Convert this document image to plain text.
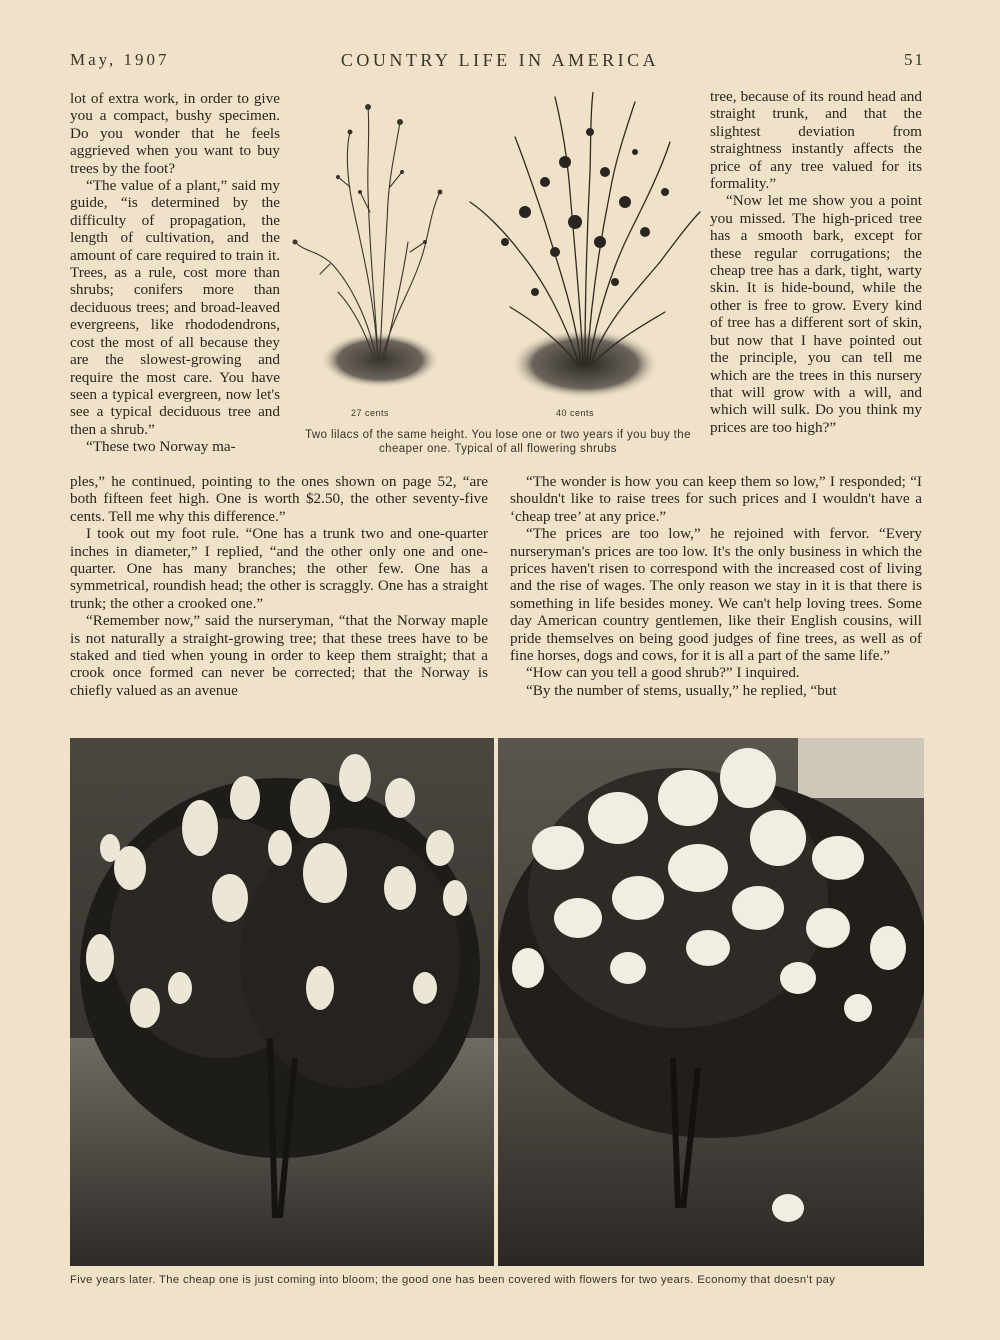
May, 1907	COUNTRY LIFE IN AMERICA	51

lot of extra work, in order to give you a compact, bushy specimen. Do you wonder that he feels aggrieved when you want to buy trees by the foot?

“The value of a plant,” said my guide, “is determined by the difficulty of propagation, the length of cultivation, and the amount of care required to train it. Trees, as a rule, cost more than shrubs; conifers more than deciduous trees; and broad-leaved evergreens, like rhododendrons, cost the most of all because they are the slowest-growing and require the most care. You have seen a typical evergreen, now let's see a typical deciduous tree and then a shrub.”

“These two Norway ma-

27 cents	40 cents
Two lilacs of the same height. You lose one or two years if you buy the cheaper one. Typical of all flowering shrubs

tree, because of its round head and straight trunk, and that the slightest deviation from straightness instantly affects the price of any tree valued for its formality.”

“Now let me show you a point you missed. The high-priced tree has a smooth bark, except for these regular corrugations; the cheap tree has a dark, tight, warty skin. It is hide-bound, while the other is free to grow. Every kind of tree has a different sort of skin, but now that I have pointed out the principle, you can tell me which are the trees in this nursery that will grow with a will, and which will sulk. Do you think my prices are too high?”

ples,” he continued, pointing to the ones shown on page 52, “are both fifteen feet high. One is worth $2.50, the other seventy-five cents. Tell me why this difference.”

I took out my foot rule. “One has a trunk two and one-quarter inches in diameter,” I replied, “and the other only one and one-quarter. One has many branches; the other few. One has a symmetrical, roundish head; the other is scraggly. One has a straight trunk; the other a crooked one.”

“Remember now,” said the nurseryman, “that the Norway maple is not naturally a straight-growing tree; that these trees have to be staked and tied when young in order to keep them straight; that a crook once formed can never be corrected; that the Norway is chiefly valued as an avenue

“The wonder is how you can keep them so low,” I responded; “I shouldn't like to raise trees for such prices and I wouldn't have a ‘cheap tree’ at any price.”

“The prices are too low,” he rejoined with fervor. “Every nurseryman's prices are too low. It's the only business in which the prices haven't risen to correspond with the increased cost of living and the rise of wages. The only reason we stay in it is that there is something in life besides money. We can't help loving trees. Some day American country gentlemen, like their English cousins, will pride themselves on being good judges of fine trees, as well as of fine horses, dogs and cows, for it is all a part of the same life.”

“How can you tell a good shrub?” I inquired.

“By the number of stems, usually,” he replied, “but

Five years later. The cheap one is just coming into bloom; the good one has been covered with flowers for two years. Economy that doesn't pay
